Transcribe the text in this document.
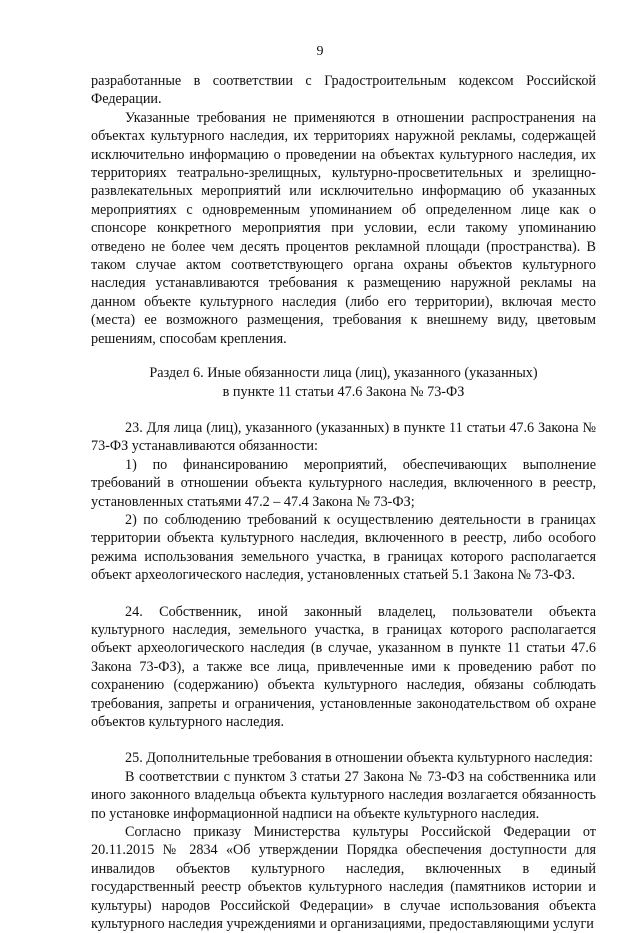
9

разработанные в соответствии с Градостроительным кодексом Российской Федерации.

Указанные требования не применяются в отношении распространения на объектах культурного наследия, их территориях наружной рекламы, содержащей исключительно информацию о проведении на объектах культурного наследия, их территориях театрально-зрелищных, культурно-просветительных и зрелищно-развлекательных мероприятий или исключительно информацию об указанных мероприятиях с одновременным упоминанием об определенном лице как о спонсоре конкретного мероприятия при условии, если такому упоминанию отведено не более чем десять процентов рекламной площади (пространства). В таком случае актом соответствующего органа охраны объектов культурного наследия устанавливаются требования к размещению наружной рекламы на данном объекте культурного наследия (либо его территории), включая место (места) ее возможного размещения, требования к внешнему виду, цветовым решениям, способам крепления.

Раздел 6. Иные обязанности лица (лиц), указанного (указанных)
в пункте 11 статьи 47.6 Закона № 73-ФЗ

23. Для лица (лиц), указанного (указанных) в пункте 11 статьи 47.6 Закона № 73-ФЗ устанавливаются обязанности:

1) по финансированию мероприятий, обеспечивающих выполнение требований в отношении объекта культурного наследия, включенного в реестр, установленных статьями 47.2 – 47.4 Закона № 73-ФЗ;

2) по соблюдению требований к осуществлению деятельности в границах территории объекта культурного наследия, включенного в реестр, либо особого режима использования земельного участка, в границах которого располагается объект археологического наследия, установленных статьей 5.1 Закона № 73-ФЗ.

24. Собственник, иной законный владелец, пользователи объекта культурного наследия, земельного участка, в границах которого располагается объект археологического наследия (в случае, указанном в пункте 11 статьи 47.6 Закона 73-ФЗ), а также все лица, привлеченные ими к проведению работ по сохранению (содержанию) объекта культурного наследия, обязаны соблюдать требования, запреты и ограничения, установленные законодательством об охране объектов культурного наследия.

25. Дополнительные требования в отношении объекта культурного наследия:

В соответствии с пунктом 3 статьи 27 Закона № 73-ФЗ на собственника или иного законного владельца объекта культурного наследия возлагается обязанность по установке информационной надписи на объекте культурного наследия.

Согласно приказу Министерства культуры Российской Федерации от 20.11.2015 № 2834 «Об утверждении Порядка обеспечения доступности для инвалидов объектов культурного наследия, включенных в единый государственный реестр объектов культурного наследия (памятников истории и культуры) народов Российской Федерации» в случае использования объекта культурного наследия учреждениями и организациями, предоставляющими услуги
